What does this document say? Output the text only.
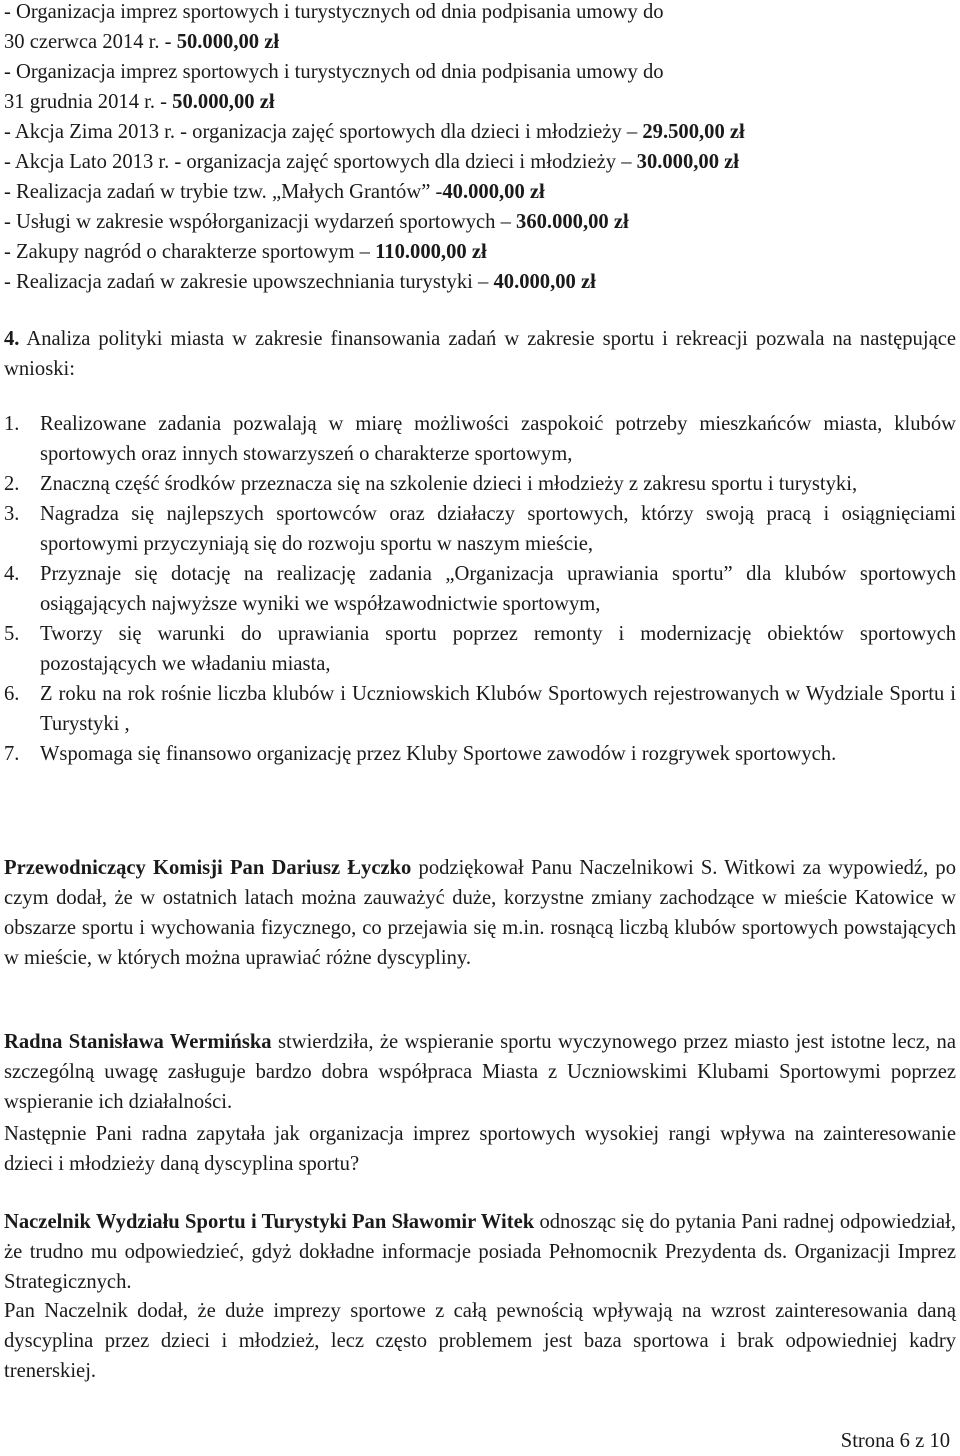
- Organizacja imprez sportowych i turystycznych od dnia podpisania umowy do

30 czerwca 2014 r. - 50.000,00 zł

- Organizacja imprez sportowych i turystycznych od dnia podpisania umowy do

31 grudnia 2014 r. - 50.000,00 zł

- Akcja Zima 2013 r. - organizacja zajęć sportowych dla dzieci i młodzieży – 29.500,00 zł

- Akcja Lato 2013 r. - organizacja zajęć sportowych dla dzieci i młodzieży – 30.000,00 zł

- Realizacja zadań w trybie tzw. „Małych Grantów” -40.000,00 zł

- Usługi w zakresie współorganizacji wydarzeń sportowych – 360.000,00 zł

- Zakupy nagród o charakterze sportowym – 110.000,00 zł

- Realizacja zadań w zakresie upowszechniania turystyki – 40.000,00 zł

4. Analiza polityki miasta w zakresie finansowania zadań w zakresie sportu i rekreacji pozwala na następujące wnioski:

1. Realizowane zadania pozwalają w miarę możliwości zaspokoić potrzeby mieszkańców miasta, klubów sportowych oraz innych stowarzyszeń o charakterze sportowym,
2. Znaczną część środków przeznacza się na szkolenie dzieci i młodzieży z zakresu sportu i turystyki,
3. Nagradza się najlepszych sportowców oraz działaczy sportowych, którzy swoją pracą i osiągnięciami sportowymi przyczyniają się do rozwoju sportu w naszym mieście,
4. Przyznaje się dotację na realizację zadania „Organizacja uprawiania sportu” dla klubów sportowych osiągających najwyższe wyniki we współzawodnictwie sportowym,
5. Tworzy się warunki do uprawiania sportu poprzez remonty i modernizację obiektów sportowych pozostających we władaniu miasta,
6. Z roku na rok rośnie liczba klubów i Uczniowskich Klubów Sportowych rejestrowanych w Wydziale Sportu i Turystyki ,
7. Wspomaga się finansowo organizację przez Kluby Sportowe zawodów i rozgrywek sportowych.

Przewodniczący Komisji Pan Dariusz Łyczko podziękował Panu Naczelnikowi S. Witkowi za wypowiedź, po czym dodał, że w ostatnich latach można zauważyć duże, korzystne zmiany zachodzące w mieście Katowice w obszarze sportu i wychowania fizycznego, co przejawia się m.in. rosnącą liczbą klubów sportowych powstających w mieście, w których można uprawiać różne dyscypliny.

Radna Stanisława Wermińska stwierdziła, że wspieranie sportu wyczynowego przez miasto jest istotne lecz, na szczególną uwagę zasługuje bardzo dobra współpraca Miasta z Uczniowskimi Klubami Sportowymi poprzez wspieranie ich działalności.

Następnie Pani radna zapytała jak organizacja imprez sportowych wysokiej rangi wpływa na zainteresowanie dzieci i młodzieży daną dyscyplina sportu?

Naczelnik Wydziału Sportu i Turystyki Pan Sławomir Witek odnosząc się do pytania Pani radnej odpowiedział, że trudno mu odpowiedzieć, gdyż dokładne informacje posiada Pełnomocnik Prezydenta ds. Organizacji Imprez Strategicznych.

Pan Naczelnik dodał, że duże imprezy sportowe z całą pewnością wpływają na wzrost zainteresowania daną dyscyplina przez dzieci i młodzież, lecz często problemem jest baza sportowa i brak odpowiedniej kadry trenerskiej.

Strona 6 z 10
